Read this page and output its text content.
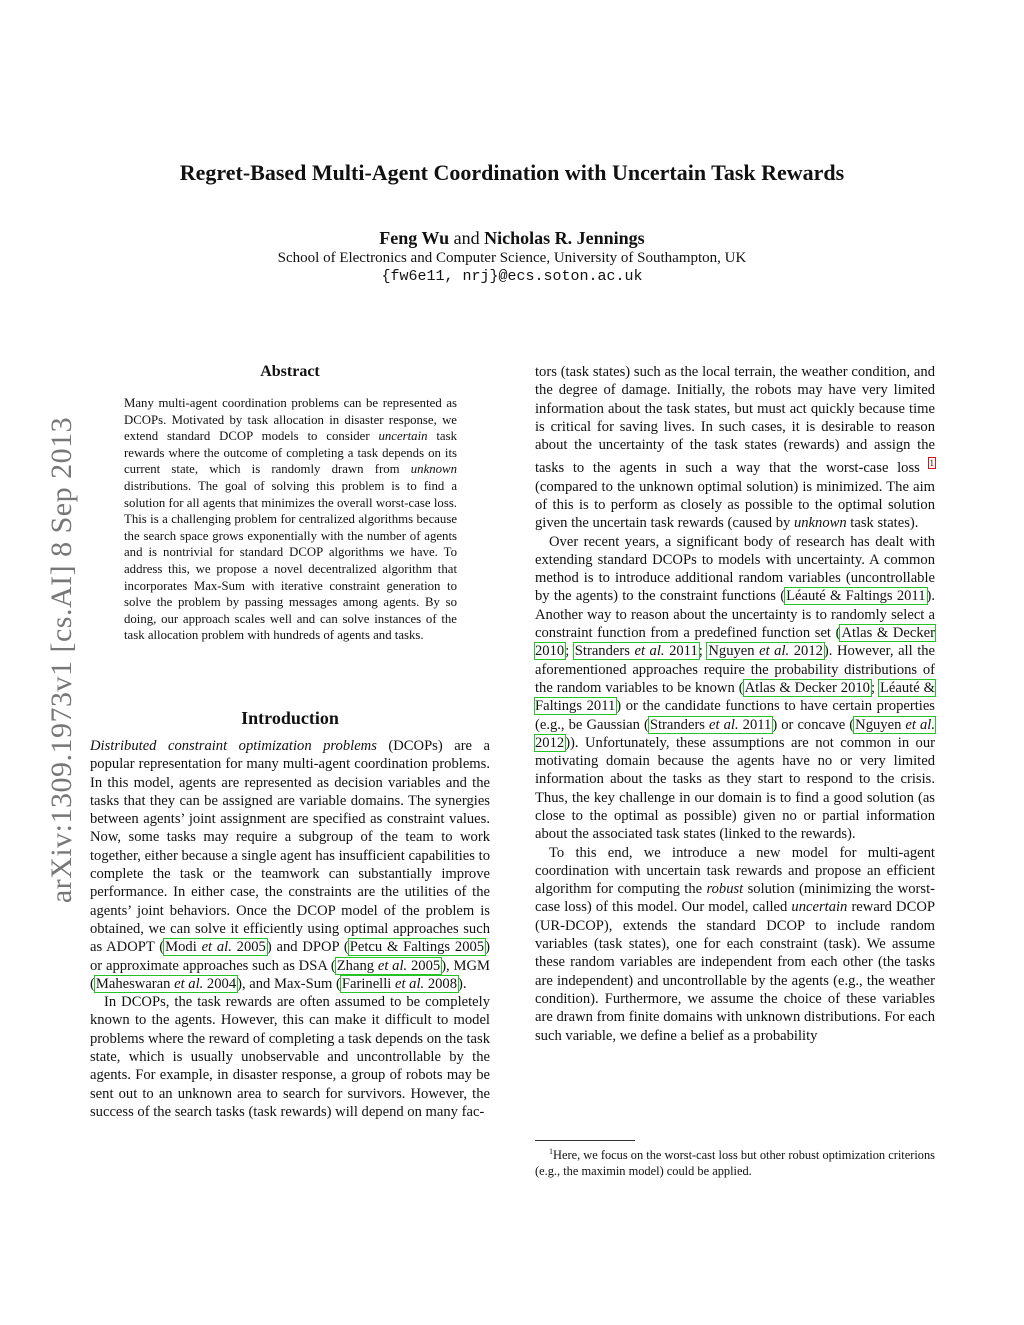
Regret-Based Multi-Agent Coordination with Uncertain Task Rewards
Feng Wu and Nicholas R. Jennings
School of Electronics and Computer Science, University of Southampton, UK
{fw6e11, nrj}@ecs.soton.ac.uk
arXiv:1309.1973v1 [cs.AI] 8 Sep 2013
Abstract
Many multi-agent coordination problems can be represented as DCOPs. Motivated by task allocation in disaster response, we extend standard DCOP models to consider uncertain task rewards where the outcome of completing a task depends on its current state, which is randomly drawn from unknown distributions. The goal of solving this problem is to find a solution for all agents that minimizes the overall worst-case loss. This is a challenging problem for centralized algorithms because the search space grows exponentially with the number of agents and is nontrivial for standard DCOP algorithms we have. To address this, we propose a novel decentralized algorithm that incorporates Max-Sum with iterative constraint generation to solve the problem by passing messages among agents. By so doing, our approach scales well and can solve instances of the task allocation problem with hundreds of agents and tasks.
Introduction

Distributed constraint optimization problems (DCOPs) are a popular representation for many multi-agent coordination problems. In this model, agents are represented as decision variables and the tasks that they can be assigned are variable domains. The synergies between agents’ joint assignment are specified as constraint values. Now, some tasks may require a subgroup of the team to work together, either because a single agent has insufficient capabilities to complete the task or the teamwork can substantially improve performance. In either case, the constraints are the utilities of the agents’ joint behaviors. Once the DCOP model of the problem is obtained, we can solve it efficiently using optimal approaches such as ADOPT (Modi et al. 2005) and DPOP (Petcu & Faltings 2005) or approximate approaches such as DSA (Zhang et al. 2005), MGM (Maheswaran et al. 2004), and Max-Sum (Farinelli et al. 2008).

In DCOPs, the task rewards are often assumed to be completely known to the agents. However, this can make it difficult to model problems where the reward of completing a task depends on the task state, which is usually unobservable and uncontrollable by the agents. For example, in disaster response, a group of robots may be sent out to an unknown area to search for survivors. However, the success of the search tasks (task rewards) will depend on many fac-

tors (task states) such as the local terrain, the weather condition, and the degree of damage. Initially, the robots may have very limited information about the task states, but must act quickly because time is critical for saving lives. In such cases, it is desirable to reason about the uncertainty of the task states (rewards) and assign the tasks to the agents in such a way that the worst-case loss $^1$ (compared to the unknown optimal solution) is minimized. The aim of this is to perform as closely as possible to the optimal solution given the uncertain task rewards (caused by unknown task states).

Over recent years, a significant body of research has dealt with extending standard DCOPs to models with uncertainty. A common method is to introduce additional random variables (uncontrollable by the agents) to the constraint functions (Léauté & Faltings 2011). Another way to reason about the uncertainty is to randomly select a constraint function from a predefined function set (Atlas & Decker 2010; Stranders et al. 2011; Nguyen et al. 2012). However, all the aforementioned approaches require the probability distributions of the random variables to be known (Atlas & Decker 2010; Léauté & Faltings 2011) or the candidate functions to have certain properties (e.g., be Gaussian (Stranders et al. 2011) or concave (Nguyen et al. 2012)). Unfortunately, these assumptions are not common in our motivating domain because the agents have no or very limited information about the tasks as they start to respond to the crisis. Thus, the key challenge in our domain is to find a good solution (as close to the optimal as possible) given no or partial information about the associated task states (linked to the rewards).

To this end, we introduce a new model for multi-agent coordination with uncertain task rewards and propose an efficient algorithm for computing the robust solution (minimizing the worst-case loss) of this model. Our model, called uncertain reward DCOP (UR-DCOP), extends the standard DCOP to include random variables (task states), one for each constraint (task). We assume these random variables are independent from each other (the tasks are independent) and uncontrollable by the agents (e.g., the weather condition). Furthermore, we assume the choice of these variables are drawn from finite domains with unknown distributions. For each such variable, we define a belief as a probability

$^1$Here, we focus on the worst-cast loss but other robust optimization criterions (e.g., the maximin model) could be applied.
